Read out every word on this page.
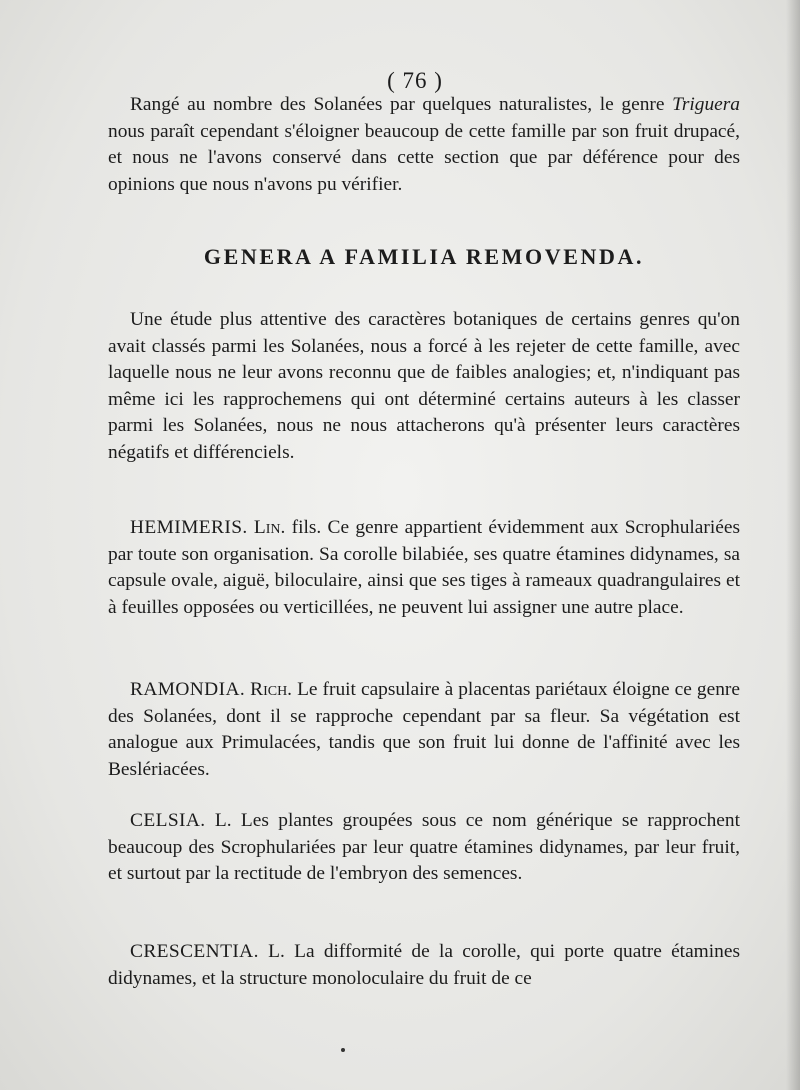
( 76 )
Rangé au nombre des Solanées par quelques naturalistes, le genre Triguera nous paraît cependant s'éloigner beaucoup de cette famille par son fruit drupacé, et nous ne l'avons conservé dans cette section que par déférence pour des opinions que nous n'avons pu vérifier.
GENERA A FAMILIA REMOVENDA.
Une étude plus attentive des caractères botaniques de certains genres qu'on avait classés parmi les Solanées, nous a forcé à les rejeter de cette famille, avec laquelle nous ne leur avons reconnu que de faibles analogies; et, n'indiquant pas même ici les rapprochemens qui ont déterminé certains auteurs à les classer parmi les Solanées, nous ne nous attacherons qu'à présenter leurs caractères négatifs et différenciels.
HEMIMERIS. Lin. fils. Ce genre appartient évidemment aux Scrophulariées par toute son organisation. Sa corolle bilabiée, ses quatre étamines didynames, sa capsule ovale, aiguë, biloculaire, ainsi que ses tiges à rameaux quadrangulaires et à feuilles opposées ou verticillées, ne peuvent lui assigner une autre place.
RAMONDIA. Rich. Le fruit capsulaire à placentas pariétaux éloigne ce genre des Solanées, dont il se rapproche cependant par sa fleur. Sa végétation est analogue aux Primulacées, tandis que son fruit lui donne de l'affinité avec les Beslériacées.
CELSIA. L. Les plantes groupées sous ce nom générique se rapprochent beaucoup des Scrophulariées par leur quatre étamines didynames, par leur fruit, et surtout par la rectitude de l'embryon des semences.
CRESCENTIA. L. La difformité de la corolle, qui porte quatre étamines didynames, et la structure monoloculaire du fruit de ce
